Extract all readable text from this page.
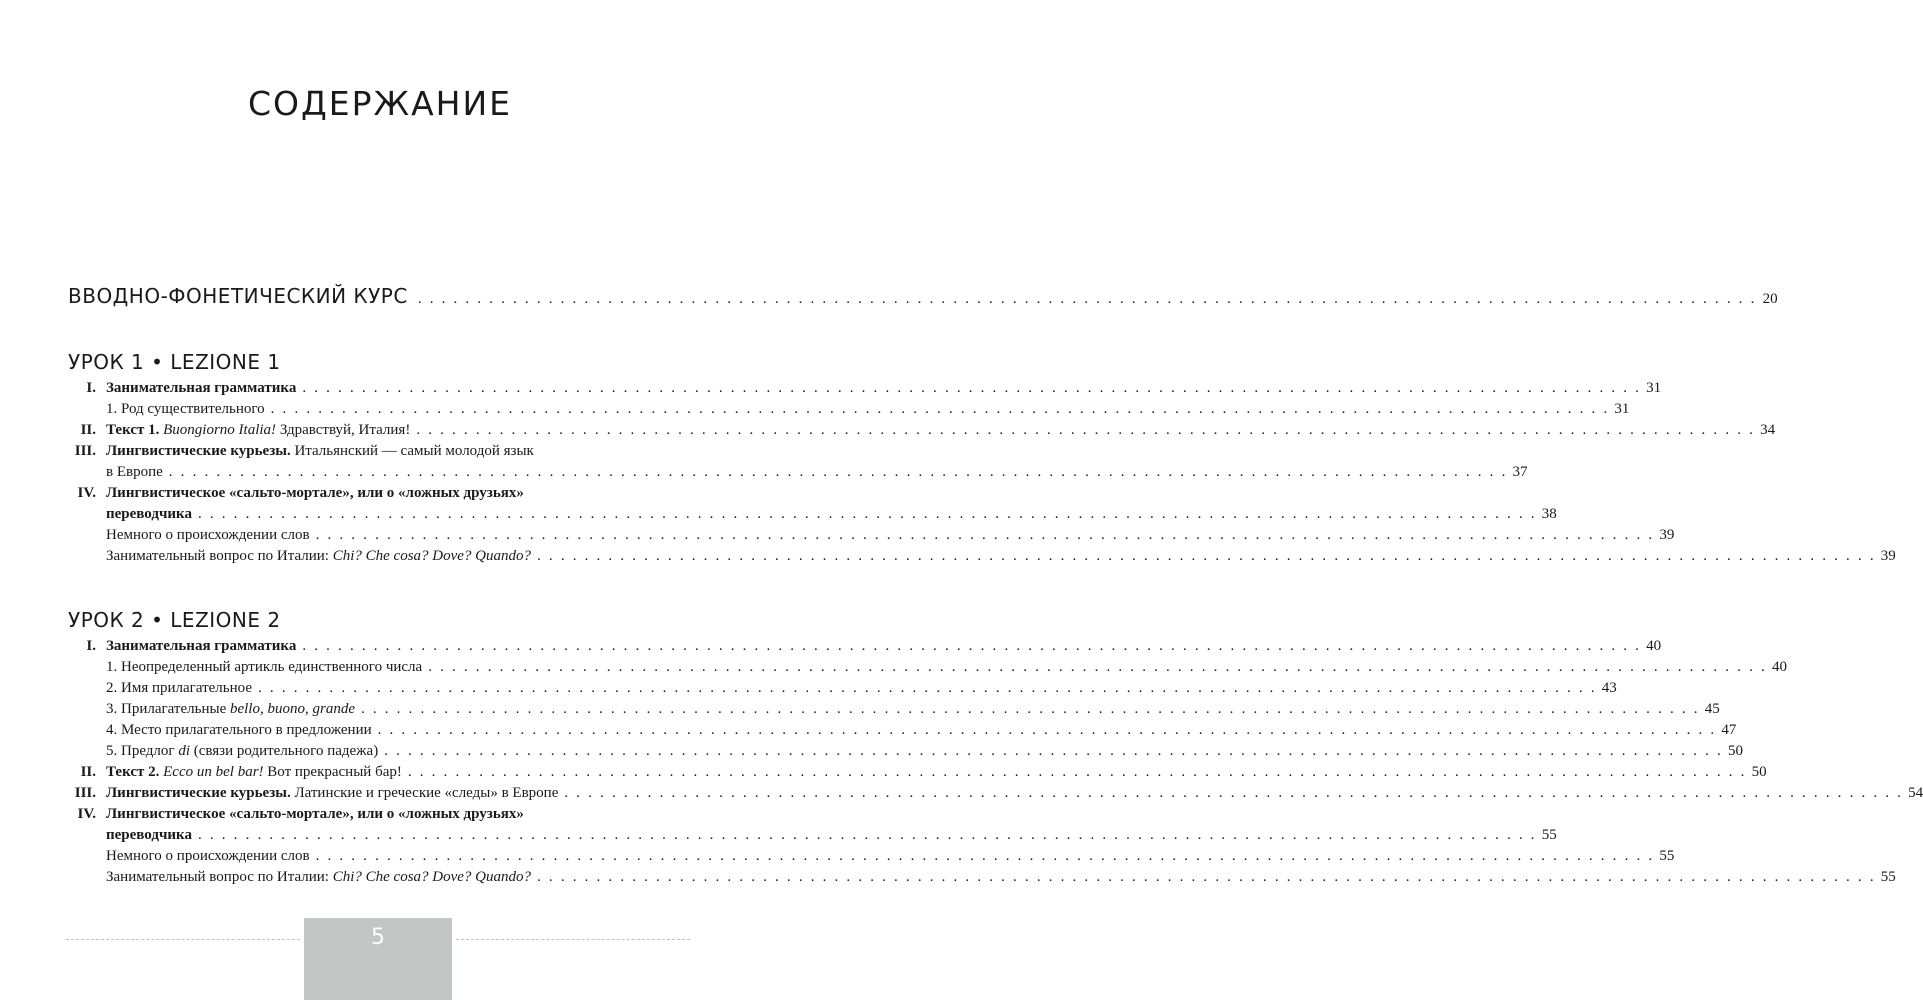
СОДЕРЖАНИЕ
ВВОДНО-ФОНЕТИЧЕСКИЙ КУРС . . .	20
УРОК 1 • LEZIONE 1
I. Занимательная грамматика . . .	31
1. Род существительного . . .	31
II. Текст 1. Buongiorno Italia! Здравствуй, Италия! . . .	34
III. Лингвистические курьезы. Итальянский — самый молодой язык
в Европе . . .	37
IV. Лингвистическое «сальто-мортале», или о «ложных друзьях»
переводчика . . .	38
Немного о происхождении слов . . .	39
Занимательный вопрос по Италии: Chi? Che cosa? Dove? Quando? . . .	39
УРОК 2 • LEZIONE 2
I. Занимательная грамматика . . .	40
1. Неопределенный артикль единственного числа . . .	40
2. Имя прилагательное . . .	43
3. Прилагательные bello, buono, grande . . .	45
4. Место прилагательного в предложении . . .	47
5. Предлог di (связи родительного падежа) . . .	50
II. Текст 2. Ecco un bel bar! Вот прекрасный бар! . . .	50
III. Лингвистические курьезы. Латинские и греческие «следы» в Европе . . .	54
IV. Лингвистическое «сальто-мортале», или о «ложных друзьях»
переводчика . . .	55
Немного о происхождении слов . . .	55
Занимательный вопрос по Италии: Chi? Che cosa? Dove? Quando? . . .	55
5
